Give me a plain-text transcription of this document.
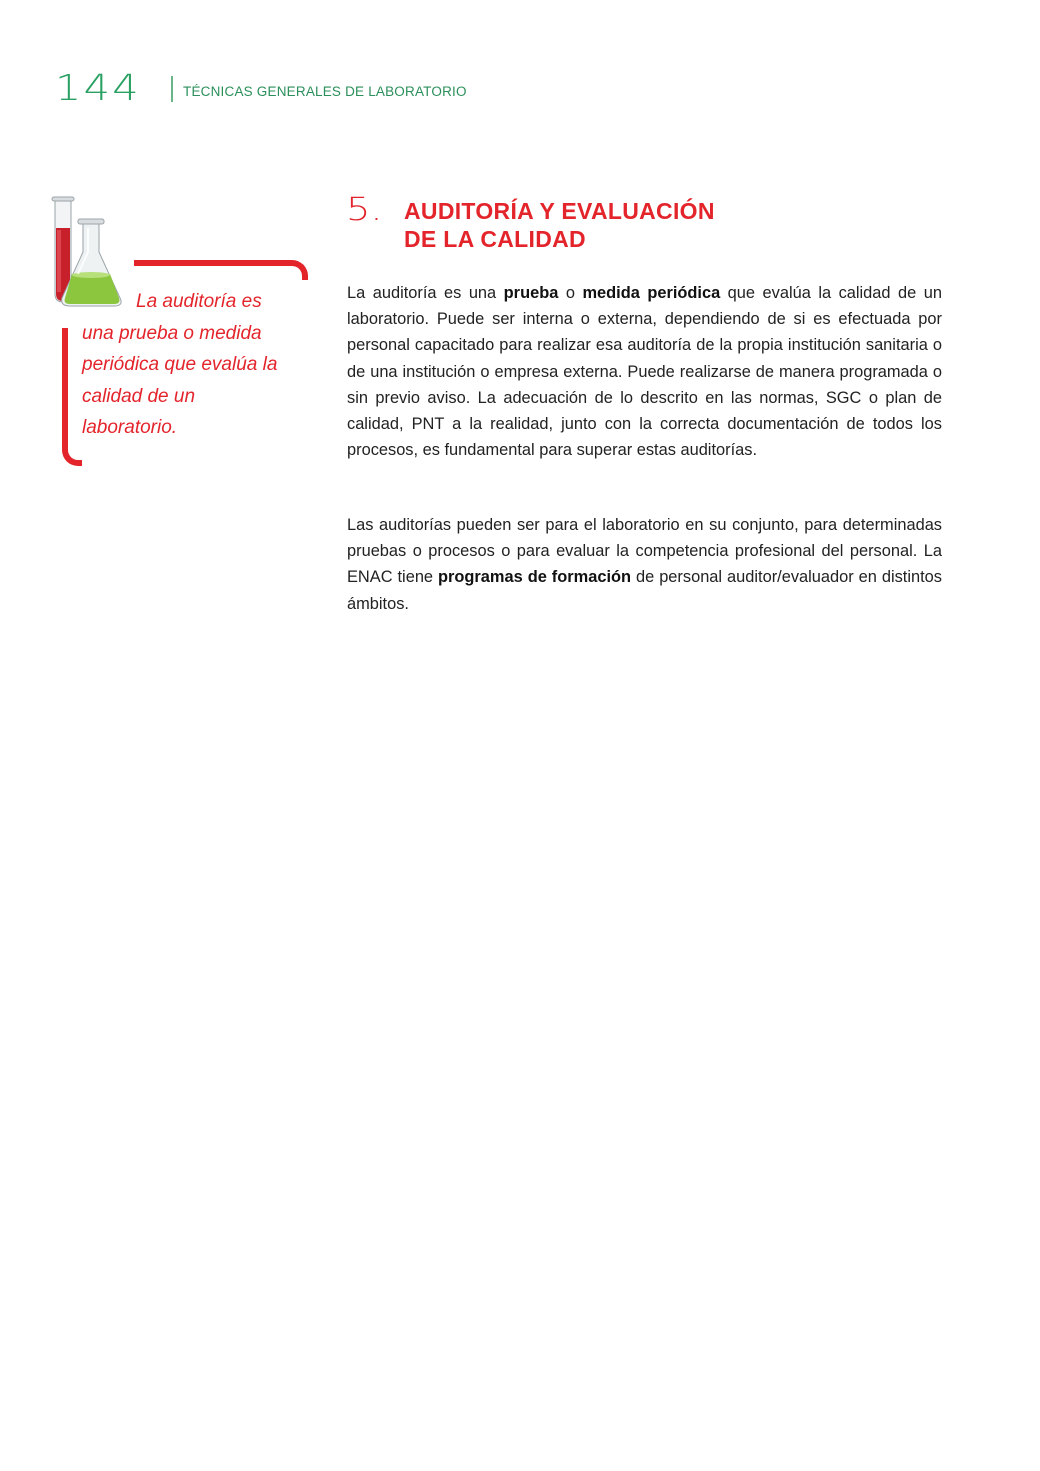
144	TÉCNICAS GENERALES DE LABORATORIO
La auditoría es
una prueba o medida periódica que evalúa la calidad de un laboratorio.
5. AUDITORÍA Y EVALUACIÓN
DE LA CALIDAD

La auditoría es una prueba o medida periódica que evalúa la calidad de un laboratorio. Puede ser interna o externa, dependiendo de si es efectuada por personal capacitado para realizar esa auditoría de la propia institución sanitaria o de una institución o empresa externa. Puede realizarse de manera programada o sin previo aviso. La adecuación de lo descrito en las normas, SGC o plan de calidad, PNT a la realidad, junto con la correcta documentación de todos los procesos, es fundamental para superar estas auditorías.

Las auditorías pueden ser para el laboratorio en su conjunto, para determinadas pruebas o procesos o para evaluar la competencia profesional del personal. La ENAC tiene programas de formación de personal auditor/evaluador en distintos ámbitos.
